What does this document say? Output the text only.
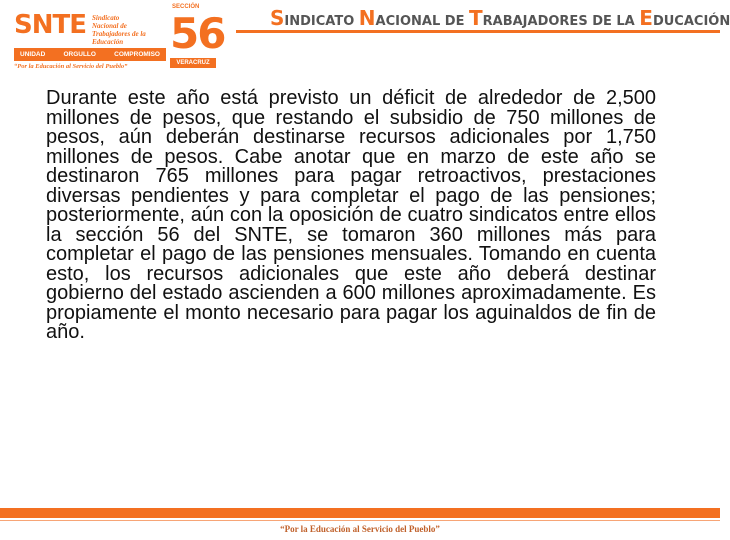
SNTE Sindicato
Nacional de
Trabajadores de la
Educación
UNIDAD	ORGULLO	COMPROMISO
“Por la Educación al Servicio del Pueblo”
SECCIÓN
56
VERACRUZ
SINDICATO NACIONAL DE TRABAJADORES DE LA EDUCACIÓN
Durante este año está previsto un déficit de alrededor de 2,500 millones de pesos, que restando el subsidio de 750 millones de pesos, aún deberán destinarse recursos adicionales por 1,750 millones de pesos. Cabe anotar que en marzo de este año se destinaron 765 millones para pagar retroactivos, prestaciones diversas pendientes y para completar el pago de las pensiones; posteriormente, aún con la oposición de cuatro sindicatos entre ellos la sección 56 del SNTE, se tomaron 360 millones más para completar el pago de las pensiones mensuales. Tomando en cuenta esto, los recursos adicionales que este año deberá destinar gobierno del estado ascienden a 600 millones aproximadamente. Es propiamente el monto necesario para pagar los aguinaldos de fin de año.
“Por la Educación al Servicio del Pueblo”
